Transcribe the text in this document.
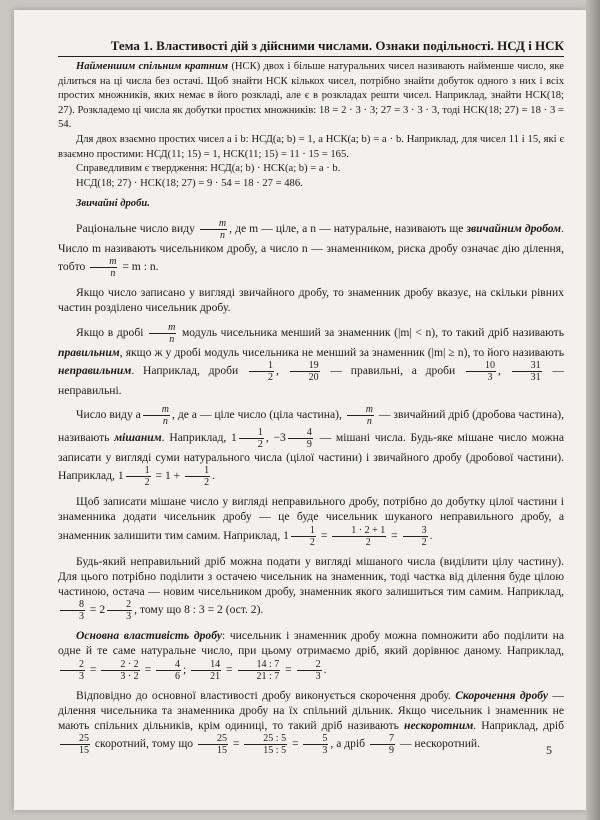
Тема 1. Властивості дій з дійсними числами. Ознаки подільності. НСД і НСК

Найменшим спільним кратним (НСК) двох і більше натуральних чисел називають найменше число, яке ділиться на ці числа без остачі. Щоб знайти НСК кількох чисел, потрібно знайти добуток одного з них і всіх простих множників, яких немає в його розкладі, але є в розкладах решти чисел. Наприклад, знайти НСК(18; 27). Розкладемо ці числа як добутки простих множників: 18 = 2 · 3 · 3; 27 = 3 · 3 · 3, тоді НСК(18; 27) = 18 · 3 = 54.

Для двох взаємно простих чисел a і b: НСД(a; b) = 1, а НСК(a; b) = a · b. Наприклад, для чисел 11 і 15, які є взаємно простими: НСД(11; 15) = 1, НСК(11; 15) = 11 · 15 = 165.

Справедливим є твердження: НСД(a; b) · НСК(a; b) = a · b.

НСД(18; 27) · НСК(18; 27) = 9 · 54 = 18 · 27 = 486.

Звичайні дроби.

Раціональне число виду $\frac{m}{n}$ , де m — ціле, а n — натуральне, називають ще звичайним дробом. Число m називають чисельником дробу, а число n — знаменником, риска дробу означає дію ділення, тобто $\frac{m}{n} = m$ : n.

Якщо число записано у вигляді звичайного дробу, то знаменник дробу вказує, на скільки рівних частин розділено чисельник дробу.

Якщо в дробі $\frac{m}{n}$ модуль чисельника менший за знаменник (|m| < n), то такий дріб називають правильним, якщо ж у дробі модуль чисельника не менший за знаменник (|m| ≥ n), то його називають неправильним. Наприклад, дроби $\frac{1}{2}$ , $\frac{19}{20}$ — правильні, а дроби $\frac{10}{3}$ , $\frac{31}{31}$ — неправильні.

Число виду a $\frac{m}{n}$ , де a — ціле число (ціла частина), $\frac{m}{n}$ — звичайний дріб (дробова частина), називають мішаним. Наприклад, $1 \frac{1}{2}$ , $-3 \frac{4}{9}$ — мішані числа. Будь-яке мішане число можна записати у вигляді суми натурального числа (цілої частини) і звичайного дробу (дробової частини). Наприклад, $1 \frac{1}{2} = 1 + \frac{1}{2}$ .

Щоб записати мішане число у вигляді неправильного дробу, потрібно до добутку цілої частини і знаменника додати чисельник дробу — це буде чисельник шуканого неправильного дробу, а знаменник залишити тим самим. Наприклад, $1 \frac{1}{2} = \frac{1 \cdot 2 + 1}{2} = \frac{3}{2}$ .

Будь-який неправильний дріб можна подати у вигляді мішаного числа (виділити цілу частину). Для цього потрібно поділити з остачею чисельник на знаменник, тоді частка від ділення буде цілою частиною, остача — новим чисельником дробу, знаменник якого залишиться тим самим. Наприклад,
$\frac{8}{3} = 2 \frac{2}{3}$ , тому що 8 : 3 = 2 (ост. 2).

Основна властивість дробу: чисельник і знаменник дробу можна помножити або поділити на одне й те саме натуральне число, при цьому отримаємо дріб, який дорівнює даному. Наприклад,
$\frac{2}{3} = \frac{2 \cdot 2}{3 \cdot 2} = \frac{4}{6}$ ; $\frac{14}{21} = \frac{14 : 7}{21 : 7} = \frac{2}{3}$ .

Відповідно до основної властивості дробу виконується скорочення дробу. Скорочення дробу — ділення чисельника та знаменника дробу на їх спільний дільник. Якщо чисельник і знаменник не мають спільних дільників, крім одиниці, то такий дріб називають нескоротним. Наприклад, дріб
$\frac{25}{15}$ скоротний, тому що $\frac{25}{15} = \frac{25 : 5}{15 : 5} = \frac{5}{3}$ , а дріб $\frac{7}{9}$ — нескоротний.	5
